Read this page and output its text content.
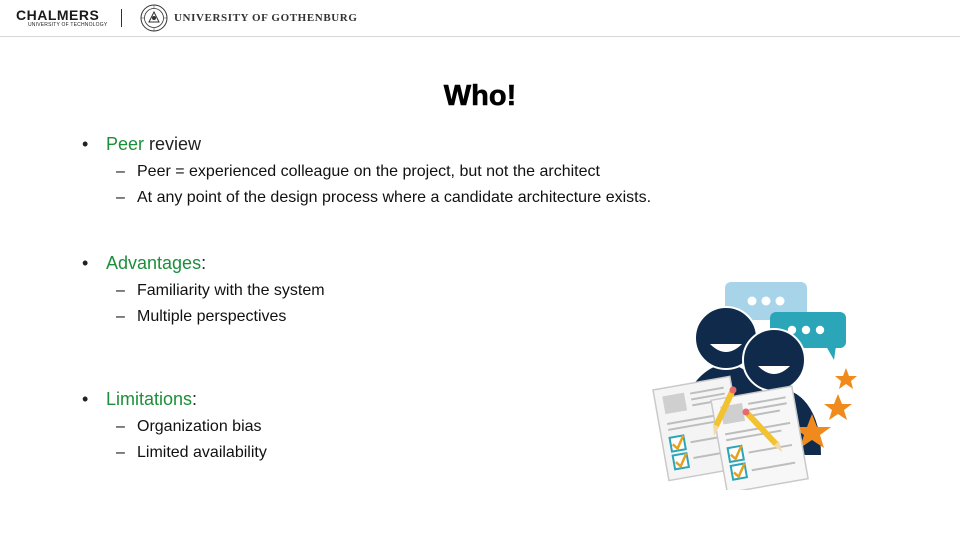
CHALMERS
UNIVERSITY OF TECHNOLOGY
UNIVERSITY OF GOTHENBURG
Who!
• Peer review
– Peer = experienced colleague on the project, but not the architect
– At any point of the design process where a candidate architecture exists.
• Advantages:
– Familiarity with the system
– Multiple perspectives
• Limitations:
– Organization bias
– Limited availability
